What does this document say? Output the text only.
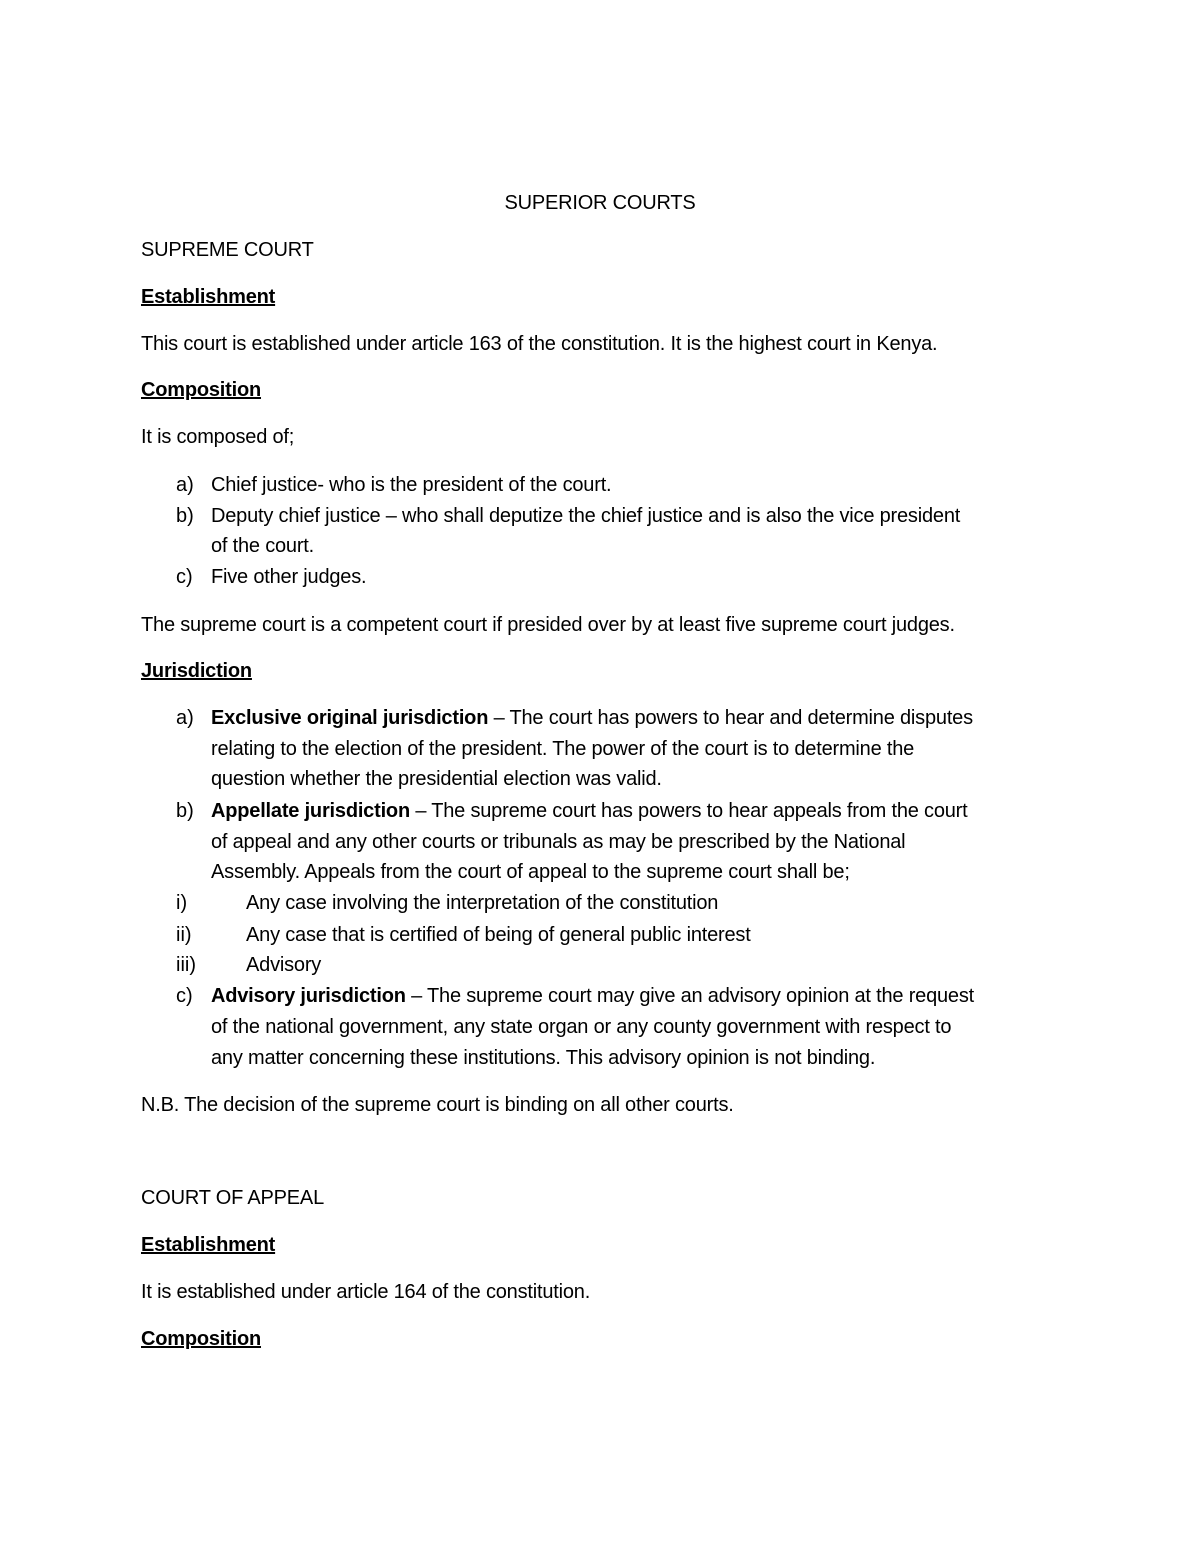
SUPERIOR COURTS
SUPREME COURT
Establishment
This court is established under article 163 of the constitution. It is the highest court in Kenya.
Composition
It is composed of;
a) Chief justice- who is the president of the court.
b) Deputy chief justice – who shall deputize the chief justice and is also the vice president
of the court.
c) Five other judges.
The supreme court is a competent court if presided over by at least five supreme court judges.
Jurisdiction
a) Exclusive original jurisdiction – The court has powers to hear and determine disputes
relating to the election of the president. The power of the court is to determine the
question whether the presidential election was valid.
b) Appellate jurisdiction – The supreme court has powers to hear appeals from the court
of appeal and any other courts or tribunals as may be prescribed by the National
Assembly. Appeals from the court of appeal to the supreme court shall be;
i)	Any case involving the interpretation of the constitution
ii)	Any case that is certified of being of general public interest
iii)	Advisory
c) Advisory jurisdiction – The supreme court may give an advisory opinion at the request
of the national government, any state organ or any county government with respect to
any matter concerning these institutions. This advisory opinion is not binding.
N.B. The decision of the supreme court is binding on all other courts.
COURT OF APPEAL
Establishment
It is established under article 164 of the constitution.
Composition
